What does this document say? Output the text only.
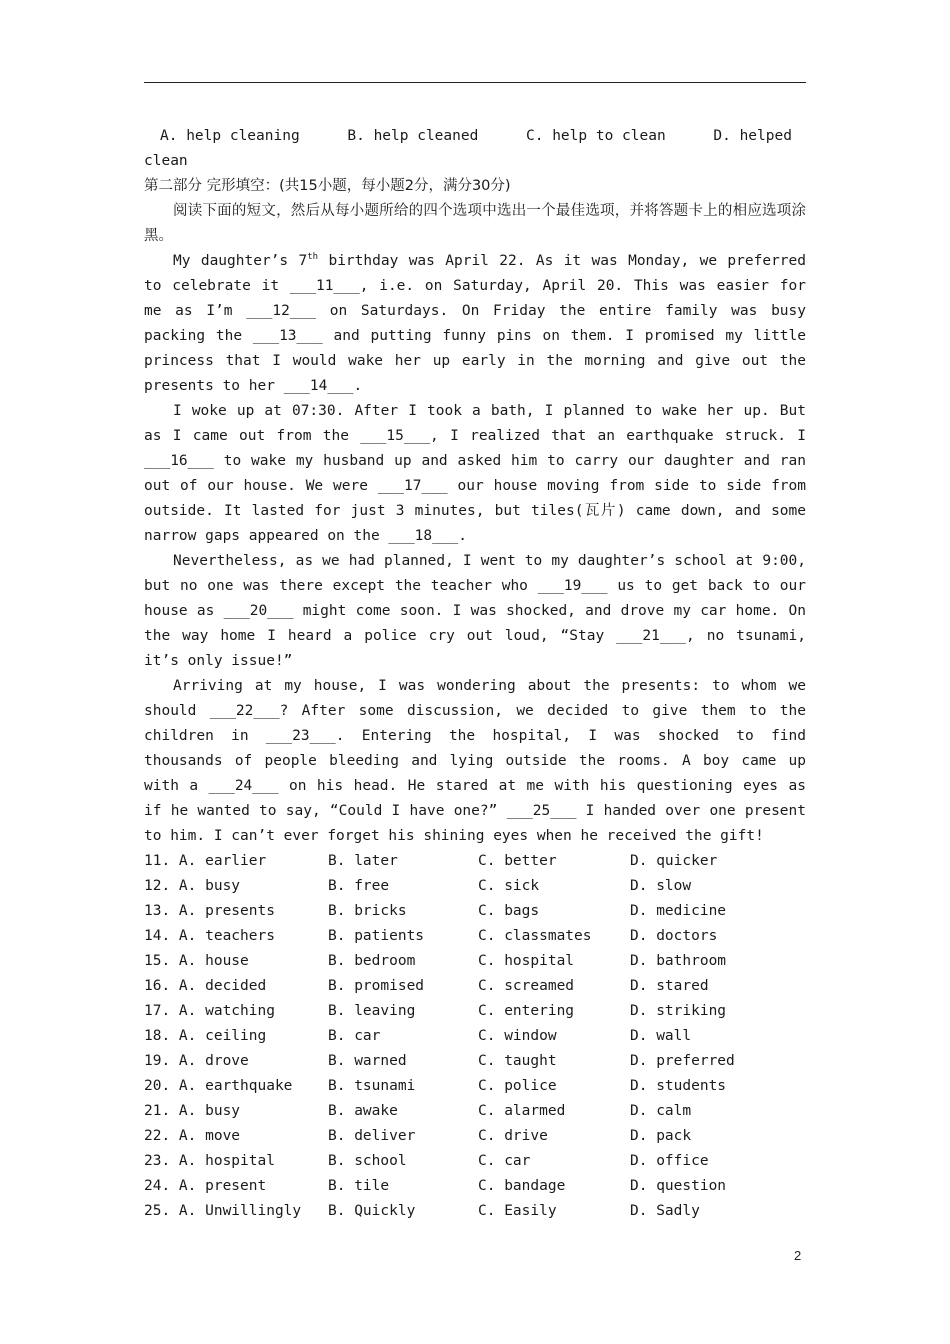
A. help cleaning	B. help cleaned	C. help to clean	D. helped

clean

第二部分 完形填空：(共15小题，每小题2分，满分30分)

阅读下面的短文，然后从每小题所给的四个选项中选出一个最佳选项，并将答题卡上的相应选项涂黑。

My daughter’s 7th birthday was April 22. As it was Monday, we preferred to celebrate it ___11___, i.e. on Saturday, April 20. This was easier for me as I’m ___12___ on Saturdays. On Friday the entire family was busy packing the ___13___ and putting funny pins on them. I promised my little princess that I would wake her up early in the morning and give out the presents to her ___14___.

I woke up at 07:30. After I took a bath, I planned to wake her up. But as I came out from the ___15___, I realized that an earthquake struck. I ___16___ to wake my husband up and asked him to carry our daughter and ran out of our house. We were ___17___ our house moving from side to side from outside. It lasted for just 3 minutes, but tiles(瓦片) came down, and some narrow gaps appeared on the ___18___.

Nevertheless, as we had planned, I went to my daughter’s school at 9:00, but no one was there except the teacher who ___19___ us to get back to our house as ___20___ might come soon. I was shocked, and drove my car home. On the way home I heard a police cry out loud, “Stay ___21___, no tsunami, it’s only issue!”

Arriving at my house, I was wondering about the presents: to whom we should ___22___? After some discussion, we decided to give them to the children in ___23___. Entering the hospital, I was shocked to find thousands of people bleeding and lying outside the rooms. A boy came up with a ___24___ on his head. He stared at me with his questioning eyes as if he wanted to say, “Could I have one?” ___25___ I handed over one present to him. I can’t ever forget his shining eyes when he received the gift!

11. A. earlier	B. later	C. better	D. quicker
12. A. busy	B. free	C. sick	D. slow
13. A. presents	B. bricks	C. bags	D. medicine
14. A. teachers	B. patients	C. classmates	D. doctors
15. A. house	B. bedroom	C. hospital	D. bathroom
16. A. decided	B. promised	C. screamed	D. stared
17. A. watching	B. leaving	C. entering	D. striking
18. A. ceiling	B. car	C. window	D. wall
19. A. drove	B. warned	C. taught	D. preferred
20. A. earthquake B. tsunami	C. police	D. students
21. A. busy	B. awake	C. alarmed	D. calm
22. A. move	B. deliver	C. drive	D. pack
23. A. hospital	B. school	C. car	D. office
24. A. present	B. tile	C. bandage	D. question
25. A. Unwillingly B. Quickly	C. Easily	D. Sadly
2
